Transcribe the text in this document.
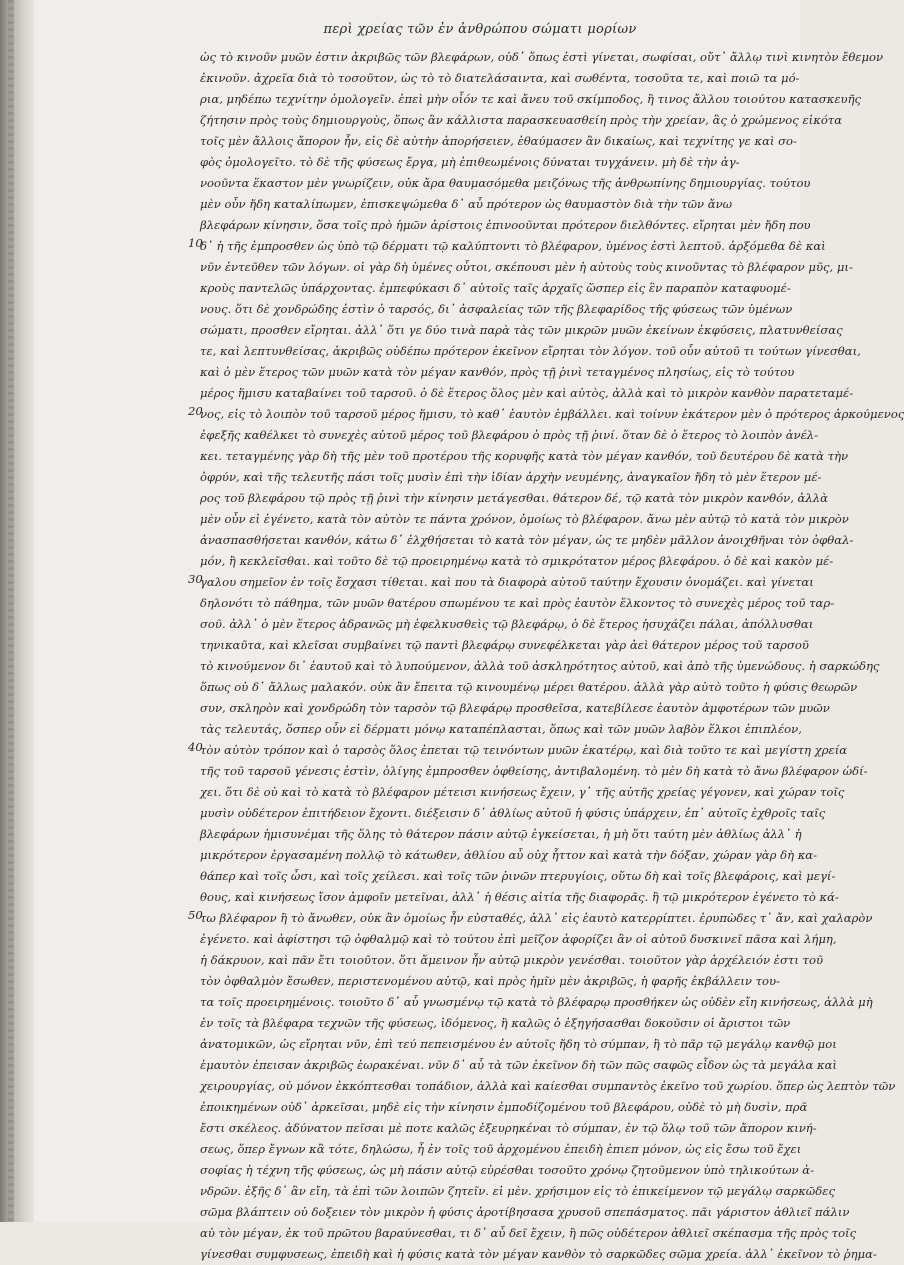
περὶ χρείας τῶν ἐν ἀνθρώπου σώματι μορίων
ὡς τὸ κινοῦν μυῶν ἐστιν ἀκριβῶς τῶν βλεφάρων, οὐδ᾿ ὅπως ἐστὶ γίνεται, σωφίσαι, οὔτ᾿ ἄλλῳ τινὶ κινητὸν ἔθεμον
ἐκινοῦν. ἀχρεῖα διὰ τὸ τοσοῦτον, ὡς τὸ τὸ διατελάσαιντα, καὶ σωθέντα, τοσοῦτα τε, καὶ ποιῶ τα μό-
ρια, μηδέπω τεχνίτην ὁμολογεῖν. ἐπεὶ μὴν οἷόν τε καὶ ἄνευ τοῦ σκίμποδος, ἢ τινος ἄλλου τοιούτου κατασκευῆς
ζήτησιν πρὸς τοὺς δημιουργοὺς, ὅπως ἂν κάλλιστα παρασκευασθείη πρὸς τὴν χρείαν, ἃς ὁ χρώμενος εἰκότα
τοῖς μὲν ἄλλοις ἄπορον ἦν, εἰς δὲ αὐτὴν ἀπορήσειεν, ἐθαύμασεν ἂν δικαίως, καὶ τεχνίτης γε καὶ σο-
φὸς ὁμολογεῖτο. τὸ δὲ τῆς φύσεως ἔργα, μὴ ἐπιθεωμένοις δύναται τυγχάνειν. μὴ δὲ τὴν ἀγ-
νοοῦντα ἕκαστον μὲν γνωρίζειν, οὐκ ἄρα θαυμασόμεθα μειζόνως τῆς ἀνθρωπίνης δημιουργίας. τούτου
μὲν οὖν ἤδη καταλίπωμεν, ἐπισκεψώμεθα δ᾿ αὖ πρότερον ὡς θαυμαστὸν διὰ τὴν τῶν ἄνω
βλεφάρων κίνησιν, ὅσα τοῖς πρὸ ἡμῶν ἀρίστοις ἐπινοοῦνται πρότερον διελθόντες. εἴρηται μὲν ἤδη που
δ᾿ ἡ τῆς ἐμπροσθεν ὡς ὑπὸ τῷ δέρματι τῷ καλύπτοντι τὸ βλέφαρον, ὑμένος ἐστὶ λεπτοῦ. ἀρξόμεθα δὲ καὶ
νῦν ἐντεῦθεν τῶν λόγων. οἱ γὰρ δὴ ὑμένες οὗτοι, σκέπουσι μὲν ἡ αὐτοὺς τοὺς κινοῦντας τὸ βλέφαρον μῦς, μι-
κροὺς παντελῶς ὑπάρχοντας. ἐμπεφύκασι δ᾿ αὐτοῖς ταῖς ἀρχαῖς ὥσπερ εἰς ἓν παραπὸν καταφυομέ-
νους. ὅτι δὲ χονδρώδης ἐστὶν ὁ ταρσός, δι᾿ ἀσφαλείας τῶν τῆς βλεφαρίδος τῆς φύσεως τῶν ὑμένων
σώματι, προσθεν εἴρηται. ἀλλ᾿ ὅτι γε δύο τινὰ παρὰ τὰς τῶν μικρῶν μυῶν ἐκείνων ἐκφύσεις, πλατυνθείσας
τε, καὶ λεπτυνθείσας, ἀκριβῶς οὐδέπω πρότερον ἐκεῖνον εἴρηται τὸν λόγον. τοῦ οὖν αὐτοῦ τι τούτων γίνεσθαι,
καὶ ὁ μὲν ἕτερος τῶν μυῶν κατὰ τὸν μέγαν κανθόν, πρὸς τῇ ῥινὶ τεταγμένος πλησίως, εἰς τὸ τούτου
μέρος ἥμισυ καταβαίνει τοῦ ταρσοῦ. ὁ δὲ ἕτερος ὅλος μὲν καὶ αὐτὸς, ἀλλὰ καὶ τὸ μικρὸν κανθὸν παρατεταμέ-
νος, εἰς τὸ λοιπὸν τοῦ ταρσοῦ μέρος ἥμισυ, τὸ καθ᾿ ἑαυτὸν ἐμβάλλει. καὶ τοίνυν ἑκάτερον μὲν ὁ πρότερος ἀρκούμενος
ἐφεξῆς καθέλκει τὸ συνεχὲς αὐτοῦ μέρος τοῦ βλεφάρου ὁ πρὸς τῇ ῥινί. ὅταν δὲ ὁ ἕτερος τὸ λοιπὸν ἀνέλ-
κει. τεταγμένης γὰρ δὴ τῆς μὲν τοῦ προτέρου τῆς κορυφῆς κατὰ τὸν μέγαν κανθόν, τοῦ δευτέρου δὲ κατὰ τὴν
ὀφρύν, καὶ τῆς τελευτῆς πάσι τοῖς μυσὶν ἐπὶ τὴν ἰδίαν ἀρχὴν νευμένης, ἀναγκαῖον ἤδη τὸ μὲν ἕτερον μέ-
ρος τοῦ βλεφάρου τῷ πρὸς τῇ ῥινὶ τὴν κίνησιν μετάγεσθαι. θάτερον δέ, τῷ κατὰ τὸν μικρὸν κανθόν, ἀλλὰ
μὲν οὖν εἰ ἐγένετο, κατὰ τὸν αὐτὸν τε πάντα χρόνον, ὁμοίως τὸ βλέφαρον. ἄνω μὲν αὐτῷ τὸ κατὰ τὸν μικρὸν
ἀνασπασθήσεται κανθόν, κάτω δ᾿ ἐλχθήσεται τὸ κατὰ τὸν μέγαν, ὡς τε μηδὲν μᾶλλον ἀνοιχθῆναι τὸν ὀφθαλ-
μόν, ἢ κεκλεῖσθαι. καὶ τοῦτο δὲ τῷ προειρημένῳ κατὰ τὸ σμικρότατον μέρος βλεφάρου. ὁ δὲ καὶ κακὸν μέ-
γαλου σημεῖον ἐν τοῖς ἔσχασι τίθεται. καὶ που τὰ διαφορὰ αὐτοῦ ταύτην ἔχουσιν ὀνομάζει. καὶ γίνεται
δηλονότι τὸ πάθημα, τῶν μυῶν θατέρου σπωμένου τε καὶ πρὸς ἑαυτὸν ἕλκοντος τὸ συνεχὲς μέρος τοῦ ταρ-
σοῦ. ἀλλ᾿ ὁ μὲν ἕτερος ἀδρανῶς μὴ ἐφελκυσθεὶς τῷ βλεφάρῳ, ὁ δὲ ἕτερος ἡσυχάζει πάλαι, ἀπόλλυσθαι
τηνικαῦτα, καὶ κλεῖσαι συμβαίνει τῷ παντὶ βλεφάρῳ συνεφέλκεται γὰρ ἀεὶ θάτερον μέρος τοῦ ταρσοῦ
τὸ κινούμενον δι᾿ ἑαυτοῦ καὶ τὸ λυπούμενον, ἀλλὰ τοῦ ἀσκληρότητος αὐτοῦ, καὶ ἀπὸ τῆς ὑμενώδους. ἡ σαρκώδης
ὅπως οὐ δ᾿ ἄλλως μαλακόν. οὐκ ἂν ἔπειτα τῷ κινουμένῳ μέρει θατέρου. ἀλλὰ γὰρ αὐτὸ τοῦτο ἡ φύσις θεωρῶν
συν, σκληρὸν καὶ χονδρώδη τὸν ταρσὸν τῷ βλεφάρῳ προσθεῖσα, κατεβίλεσε ἑαυτὸν ἀμφοτέρων τῶν μυῶν
τὰς τελευτάς, ὅσπερ οὖν εἰ δέρματι μόνῳ καταπέπλασται, ὅπως καὶ τῶν μυῶν λαβὸν ἕλκοι ἐπιπλέον,
τὸν αὐτὸν τρόπον καὶ ὁ ταρσὸς ὅλος ἐπεται τῷ τεινόντων μυῶν ἑκατέρῳ, καὶ διὰ τοῦτο τε καὶ μεγίστη χρεία
τῆς τοῦ ταρσοῦ γένεσις ἐστὶν, ὀλίγης ἐμπροσθεν ὀφθείσης, ἀντιβαλομένη. τὸ μὲν δὴ κατὰ τὸ ἄνω βλέφαρον ὡδί-
χει. ὅτι δὲ οὐ καὶ τὸ κατὰ τὸ βλέφαρον μέτεισι κινήσεως ἔχειν, γ᾿ τῆς αὐτῆς χρείας γέγονεν, καὶ χώραν τοῖς
μυσὶν οὐδέτερον ἐπιτήδειον ἔχοντι. διέξεισιν δ᾿ ἀθλίως αὐτοῦ ἡ φύσις ὑπάρχειν, ἐπ᾿ αὐτοῖς ἐχθροῖς ταῖς
βλεφάρων ἡμισυνέμαι τῆς ὅλης τὸ θάτερον πάσιν αὐτῷ ἐγκείσεται, ἡ μὴ ὅτι ταύτη μὲν ἀθλίως ἀλλ᾿ ἡ
μικρότερον ἐργασαμένη πολλῷ τὸ κάτωθεν, ἀθλίου αὖ οὐχ ἧττον καὶ κατὰ τὴν δόξαν, χώραν γὰρ δὴ κα-
θάπερ καὶ τοῖς ὦσι, καὶ τοῖς χείλεσι. καὶ τοῖς τῶν ῥινῶν πτερυγίοις, οὕτω δὴ καὶ τοῖς βλεφάροις, καὶ μεγί-
θους, καὶ κινήσεως ἴσον ἀμφοῖν μετεῖναι, ἀλλ᾿ ἡ θέσις αἰτία τῆς διαφορᾶς. ἢ τῷ μικρότερον ἐγένετο τὸ κά-
τω βλέφαρον ἢ τὸ ἄνωθεν, οὐκ ἂν ὁμοίως ἦν εὐσταθές, ἀλλ᾿ εἰς ἑαυτὸ κατερρίπτει. ἐρυπὼδες τ᾿ ἄν, καὶ χαλαρὸν
ἐγένετο. καὶ ἀφίστησι τῷ ὀφθαλμῷ καὶ τὸ τούτου ἐπὶ μεῖζον ἀφορίζει ἂν οἱ αὐτοῦ δυσκινεῖ πᾶσα καὶ λήμη,
ἡ δάκρυον, καὶ πᾶν ἔτι τοιοῦτον. ὅτι ἄμεινον ἦν αὐτῷ μικρὸν γενέσθαι. τοιοῦτον γὰρ ἀρχέλειόν ἐστι τοῦ
τὸν ὀφθαλμὸν ἔσωθεν, περιστενομένου αὐτῷ, καὶ πρὸς ἡμῖν μὲν ἀκριβῶς, ἡ φαρῆς ἐκβάλλειν του-
τα τοῖς προειρημένοις. τοιοῦτο δ᾿ αὖ γνωσμένῳ τῷ κατὰ τὸ βλέφαρῳ προσθήκεν ὡς οὐδὲν εἴη κινήσεως, ἀλλὰ μὴ
ἐν τοῖς τὰ βλέφαρα τεχνῶν τῆς φύσεως, ἰδόμενος, ἢ καλῶς ὁ ἐξηγήσασθαι δοκοῦσιν οἱ ἄριστοι τῶν
ἀνατομικῶν, ὡς εἴρηται νῦν, ἐπὶ τεύ πεπεισμένου ἐν αὐτοῖς ἤδη τὸ σύμπαν, ἢ τὸ πᾶρ τῷ μεγάλῳ κανθῷ μοι
ἑμαυτὸν ἐπεισαν ἀκριβῶς ἑωρακέναι. νῦν δ᾿ αὖ τὰ τῶν ἐκεῖνον δὴ τῶν πῶς σαφῶς εἶδον ὡς τὰ μεγάλα καὶ
χειρουργίας, οὐ μόνον ἐκκόπτεσθαι τοπάδιον, ἀλλὰ καὶ καίεσθαι συμπαντὸς ἐκεῖνο τοῦ χωρίου. ὅπερ ὡς λεπτὸν τῶν
ἐποικημένων οὐδ᾿ ἀρκεῖσαι, μηδὲ εἰς τὴν κίνησιν ἐμποδίζομένου τοῦ βλεφάρου, οὐδὲ τὸ μὴ δυσὶν, πρᾶ
ἔστι σκέλεος. ἀδύνατον πεῖσαι μὲ ποτε καλῶς ἐξευρηκέναι τὸ σύμπαν, ἐν τῷ ὅλῳ τοῦ τῶν ἄπορον κινή-
σεως, ὅπερ ἔγνων κἂ τότε, δηλώσω, ἦ ἐν τοῖς τοῦ ἀρχομένου ἐπειδὴ ἐπιεπ μόνον, ὡς εἰς ἔσω τοῦ ἔχει
σοφίας ἡ τέχνη τῆς φύσεως, ὡς μὴ πάσιν αὐτῷ εὑρέσθαι τοσοῦτο χρόνῳ ζητοῦμενον ὑπὸ τηλικούτων ἀ-
νδρῶν. ἐξῆς δ᾿ ἂν εἴη, τὰ ἐπὶ τῶν λοιπῶν ζητεῖν. εἰ μὲν. χρήσιμον εἰς τὸ ἐπικείμενον τῷ μεγάλῳ σαρκῶδες
σῶμα βλάπτειν οὐ δοξειεν τὸν μικρὸν ἡ φύσις ἀροτίβησασα χρυσοῦ σπεπάσματος. πᾶι γάριστον ἀθλιεῖ πάλιν
αὐ τὸν μέγαν, ἐκ τοῦ πρῶτου βαραύνεσθαι, τι δ᾿ αὖ δεῖ ἔχειν, ἢ πῶς οὐδέτερον ἀθλιεῖ σκέπασμα τῆς πρὸς τοῖς
γίνεσθαι συμφυσεως, ἐπειδὴ καὶ ἡ φύσις κατὰ τὸν μέγαν κανθὸν τὸ σαρκῶδες σῶμα χρεία. ἀλλ᾿ ἐκεῖνον τὸ ῥημα-
10
20
30
40
50
